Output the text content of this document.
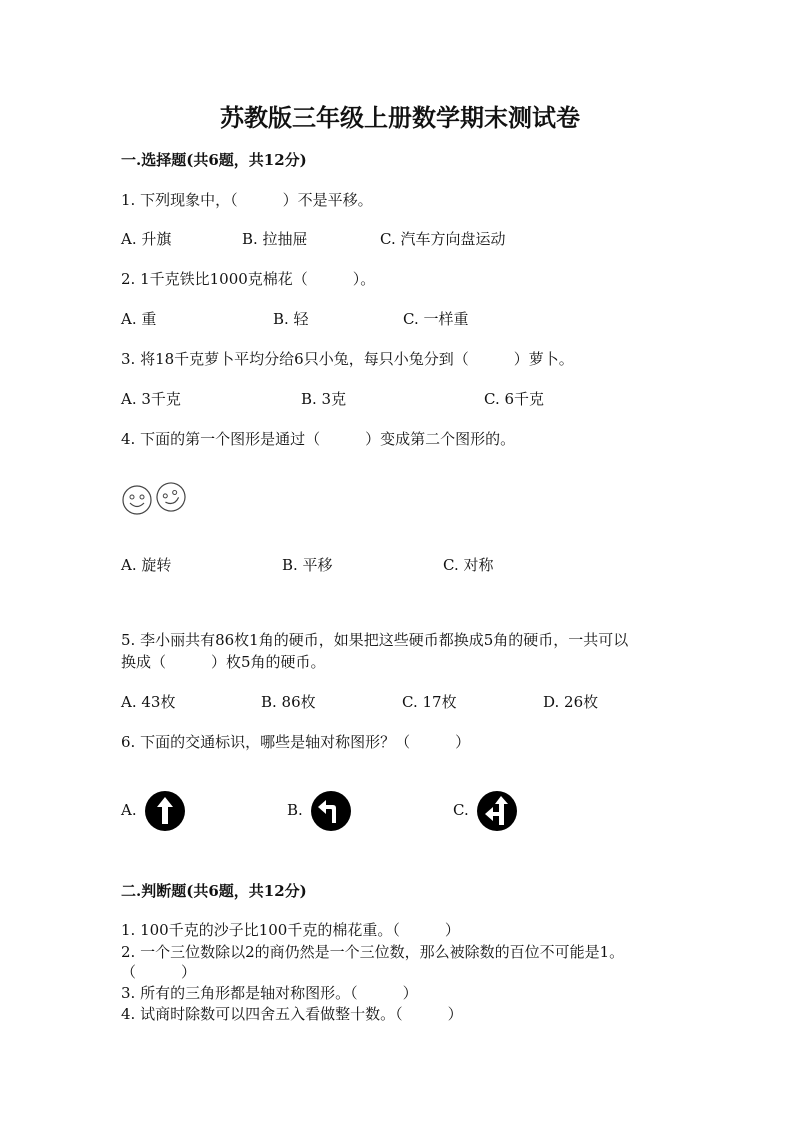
苏教版三年级上册数学期末测试卷
一.选择题(共6题，共12分)
1. 下列现象中，（　　　）不是平移。
A. 升旗	B. 拉抽屉	C. 汽车方向盘运动
2. 1千克铁比1000克棉花（　　　）。
A. 重	B. 轻	C. 一样重
3. 将18千克萝卜平均分给6只小兔，每只小兔分到（　　　）萝卜。
A. 3千克	B. 3克	C. 6千克
4. 下面的第一个图形是通过（　　　）变成第二个图形的。
A. 旋转	B. 平移	C. 对称
5. 李小丽共有86枚1角的硬币，如果把这些硬币都换成5角的硬币，一共可以
换成（　　　）枚5角的硬币。
A. 43枚	B. 86枚	C. 17枚	D. 26枚
6. 下面的交通标识，哪些是轴对称图形？（　　　）
A.	B.	C.
二.判断题(共6题，共12分)
1. 100千克的沙子比100千克的棉花重。（　　　）
2. 一个三位数除以2的商仍然是一个三位数，那么被除数的百位不可能是1。
（　　　）
3. 所有的三角形都是轴对称图形。（　　　）
4. 试商时除数可以四舍五入看做整十数。（　　　）
